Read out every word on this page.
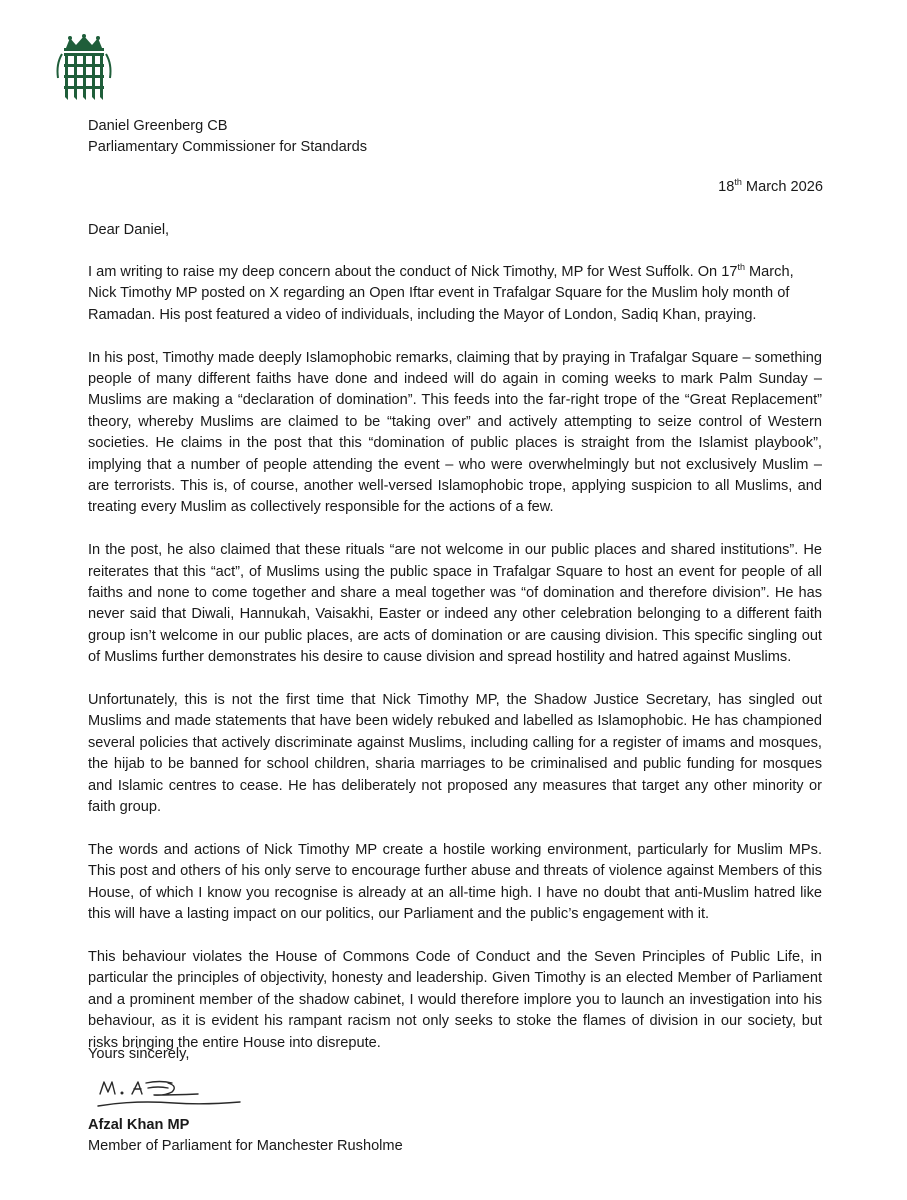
Daniel Greenberg CB
Parliamentary Commissioner for Standards
18th March 2026
Dear Daniel,

I am writing to raise my deep concern about the conduct of Nick Timothy, MP for West Suffolk. On 17th March, Nick Timothy MP posted on X regarding an Open Iftar event in Trafalgar Square for the Muslim holy month of Ramadan. His post featured a video of individuals, including the Mayor of London, Sadiq Khan, praying.

In his post, Timothy made deeply Islamophobic remarks, claiming that by praying in Trafalgar Square – something people of many different faiths have done and indeed will do again in coming weeks to mark Palm Sunday – Muslims are making a “declaration of domination”. This feeds into the far-right trope of the “Great Replacement” theory, whereby Muslims are claimed to be “taking over” and actively attempting to seize control of Western societies. He claims in the post that this “domination of public places is straight from the Islamist playbook”, implying that a number of people attending the event – who were overwhelmingly but not exclusively Muslim – are terrorists. This is, of course, another well-versed Islamophobic trope, applying suspicion to all Muslims, and treating every Muslim as collectively responsible for the actions of a few.

In the post, he also claimed that these rituals “are not welcome in our public places and shared institutions”. He reiterates that this “act”, of Muslims using the public space in Trafalgar Square to host an event for people of all faiths and none to come together and share a meal together was “of domination and therefore division”. He has never said that Diwali, Hannukah, Vaisakhi, Easter or indeed any other celebration belonging to a different faith group isn’t welcome in our public places, are acts of domination or are causing division. This specific singling out of Muslims further demonstrates his desire to cause division and spread hostility and hatred against Muslims.

Unfortunately, this is not the first time that Nick Timothy MP, the Shadow Justice Secretary, has singled out Muslims and made statements that have been widely rebuked and labelled as Islamophobic. He has championed several policies that actively discriminate against Muslims, including calling for a register of imams and mosques, the hijab to be banned for school children, sharia marriages to be criminalised and public funding for mosques and Islamic centres to cease. He has deliberately not proposed any measures that target any other minority or faith group.

The words and actions of Nick Timothy MP create a hostile working environment, particularly for Muslim MPs. This post and others of his only serve to encourage further abuse and threats of violence against Members of this House, of which I know you recognise is already at an all-time high. I have no doubt that anti-Muslim hatred like this will have a lasting impact on our politics, our Parliament and the public’s engagement with it.

This behaviour violates the House of Commons Code of Conduct and the Seven Principles of Public Life, in particular the principles of objectivity, honesty and leadership. Given Timothy is an elected Member of Parliament and a prominent member of the shadow cabinet, I would therefore implore you to launch an investigation into his behaviour, as it is evident his rampant racism not only seeks to stoke the flames of division in our society, but risks bringing the entire House into disrepute.

Yours sincerely,
Afzal Khan MP
Member of Parliament for Manchester Rusholme
